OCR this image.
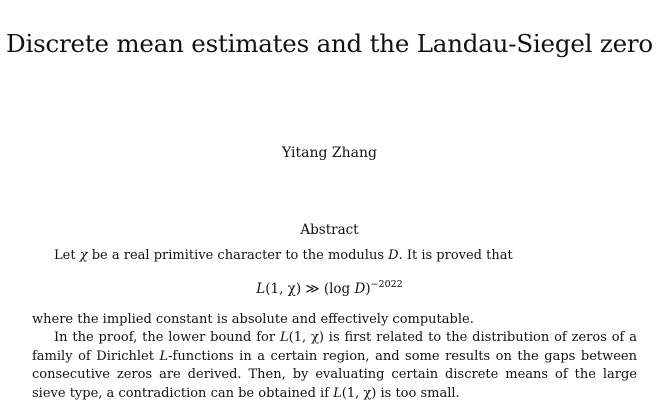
Discrete mean estimates and the Landau-Siegel zero
Yitang Zhang
Abstract
Let χ be a real primitive character to the modulus D. It is proved that
L(1, χ) ≫ (log D)$^{-2022}$
where the implied constant is absolute and effectively computable.
In the proof, the lower bound for L(1, χ) is first related to the distribution of zeros of a family of Dirichlet L-functions in a certain region, and some results on the gaps between consecutive zeros are derived. Then, by evaluating certain discrete means of the large sieve type, a contradiction can be obtained if L(1, χ) is too small.
